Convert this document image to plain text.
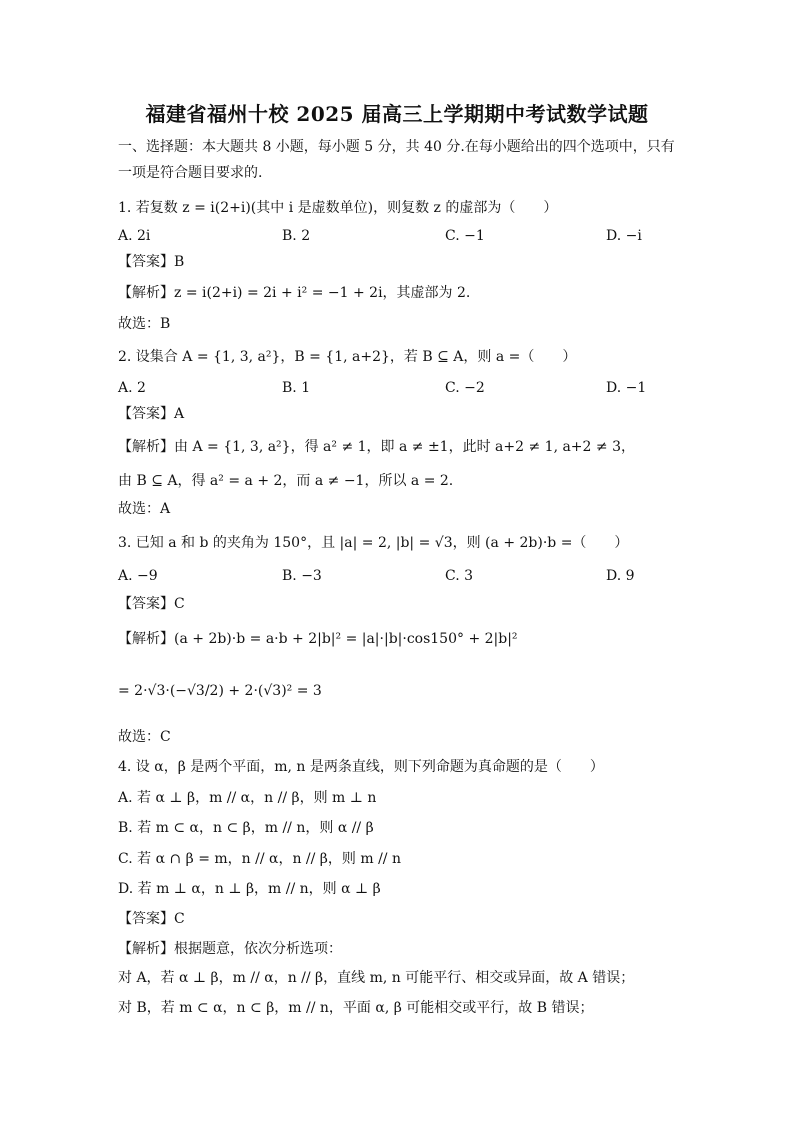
福建省福州十校 2025 届高三上学期期中考试数学试题
一、选择题：本大题共 8 小题，每小题 5 分，共 40 分.在每小题给出的四个选项中，只有
一项是符合题目要求的.
1. 若复数 z = i(2+i)(其中 i 是虚数单位)，则复数 z 的虚部为（　　）
A. 2i	B. 2	C. −1	D. −i
【答案】B
【解析】z = i(2+i) = 2i + i² = −1 + 2i，其虚部为 2.
故选：B
2. 设集合 A = {1, 3, a²}，B = {1, a+2}，若 B ⊆ A，则 a =（　　）
A. 2	B. 1	C. −2	D. −1
【答案】A
【解析】由 A = {1, 3, a²}，得 a² ≠ 1，即 a ≠ ±1，此时 a+2 ≠ 1, a+2 ≠ 3，
由 B ⊆ A，得 a² = a + 2，而 a ≠ −1，所以 a = 2.
故选：A
3. 已知 a 和 b 的夹角为 150°，且 |a| = 2, |b| = √3，则 (a + 2b)·b =（　　）
A. −9	B. −3	C. 3	D. 9
【答案】C
【解析】(a + 2b)·b = a·b + 2|b|² = |a|·|b|·cos150° + 2|b|²
= 2·√3·(−√3/2) + 2·(√3)² = 3
故选：C
4. 设 α，β 是两个平面，m, n 是两条直线，则下列命题为真命题的是（　　）
A. 若 α ⊥ β，m // α，n // β，则 m ⊥ n
B. 若 m ⊂ α，n ⊂ β，m // n，则 α // β
C. 若 α ∩ β = m，n // α，n // β，则 m // n
D. 若 m ⊥ α，n ⊥ β，m // n，则 α ⊥ β
【答案】C
【解析】根据题意，依次分析选项：
对 A，若 α ⊥ β，m // α，n // β，直线 m, n 可能平行、相交或异面，故 A 错误；
对 B，若 m ⊂ α，n ⊂ β，m // n，平面 α, β 可能相交或平行，故 B 错误；
